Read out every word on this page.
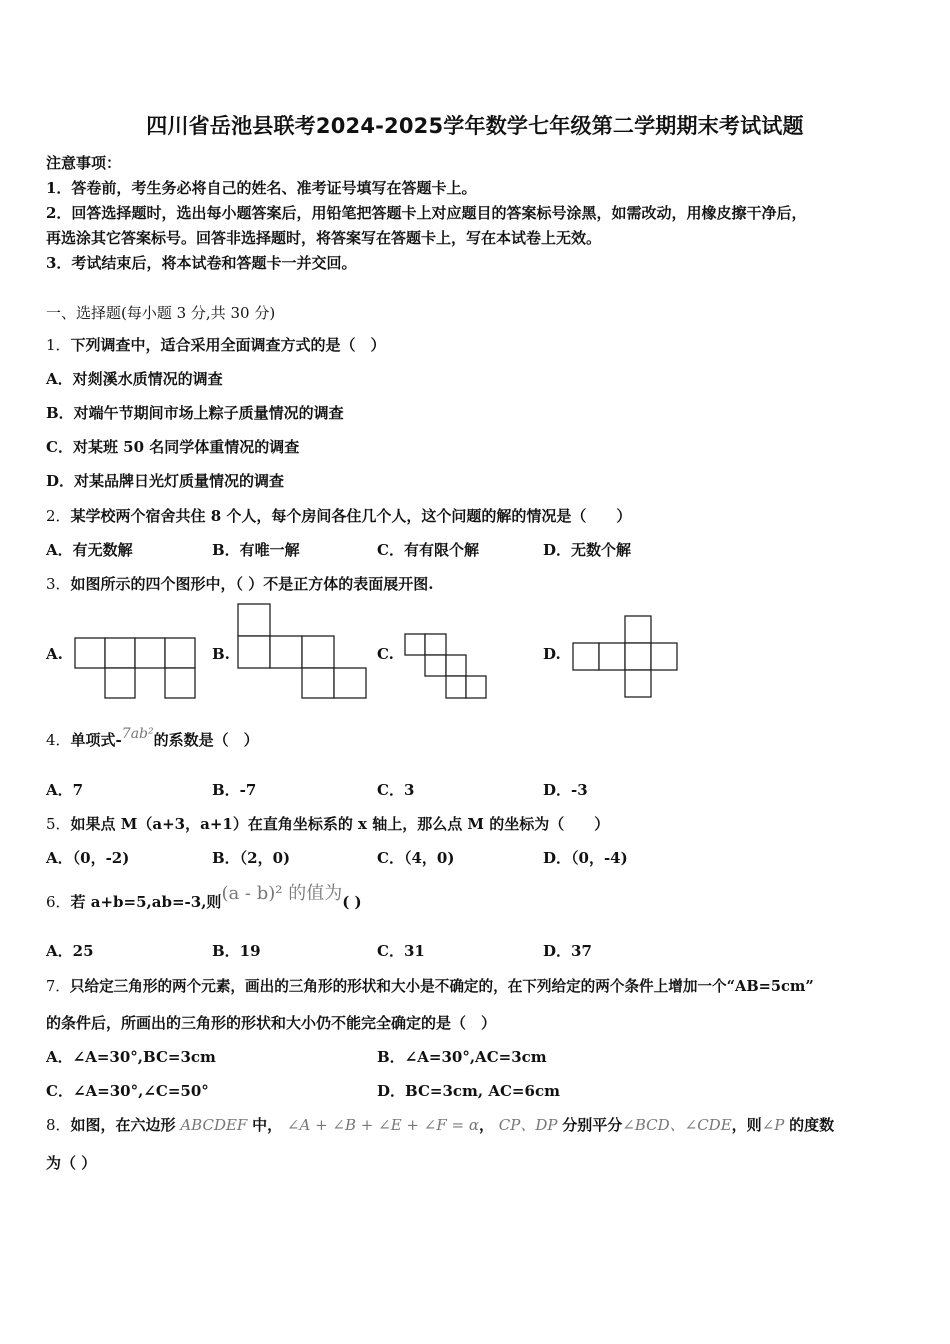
四川省岳池县联考2024-2025学年数学七年级第二学期期末考试试题
注意事项：
1．答卷前，考生务必将自己的姓名、准考证号填写在答题卡上。
2．回答选择题时，选出每小题答案后，用铅笔把答题卡上对应题目的答案标号涂黑，如需改动，用橡皮擦干净后，
再选涂其它答案标号。回答非选择题时，将答案写在答题卡上，写在本试卷上无效。
3．考试结束后，将本试卷和答题卡一并交回。
一、选择题(每小题 3 分,共 30 分)
1．下列调查中，适合采用全面调查方式的是（　）
A．对剡溪水质情况的调查
B．对端午节期间市场上粽子质量情况的调查
C．对某班 50 名同学体重情况的调查
D．对某品牌日光灯质量情况的调查
2．某学校两个宿舍共住 8 个人，每个房间各住几个人，这个问题的解的情况是（　　）
A．有无数解	B．有唯一解	C．有有限个解	D．无数个解
3．如图所示的四个图形中，（ ）不是正方体的表面展开图.
A.	B.	C.	D.
4．单项式-7ab²的系数是（　）
A．7	B．-7	C．3	D．-3
5．如果点 M（a+3，a+1）在直角坐标系的 x 轴上，那么点 M 的坐标为（　　）
A．（0，-2)	B．（2，0)	C．（4，0)	D．（0，-4)
6．若 a+b=5,ab=-3,则(a - b)² 的值为( )
A．25	B．19	C．31	D．37
7．只给定三角形的两个元素，画出的三角形的形状和大小是不确定的，在下列给定的两个条件上增加一个“AB=5cm”
的条件后，所画出的三角形的形状和大小仍不能完全确定的是（　）
A．∠A=30°,BC=3cm	B．∠A=30°,AC=3cm
C．∠A=30°,∠C=50°	D．BC=3cm, AC=6cm
8．如图，在六边形 ABCDEF 中， ∠A + ∠B + ∠E + ∠F = α， CP、DP 分别平分∠BCD、∠CDE，则∠P 的度数
为（ ）
